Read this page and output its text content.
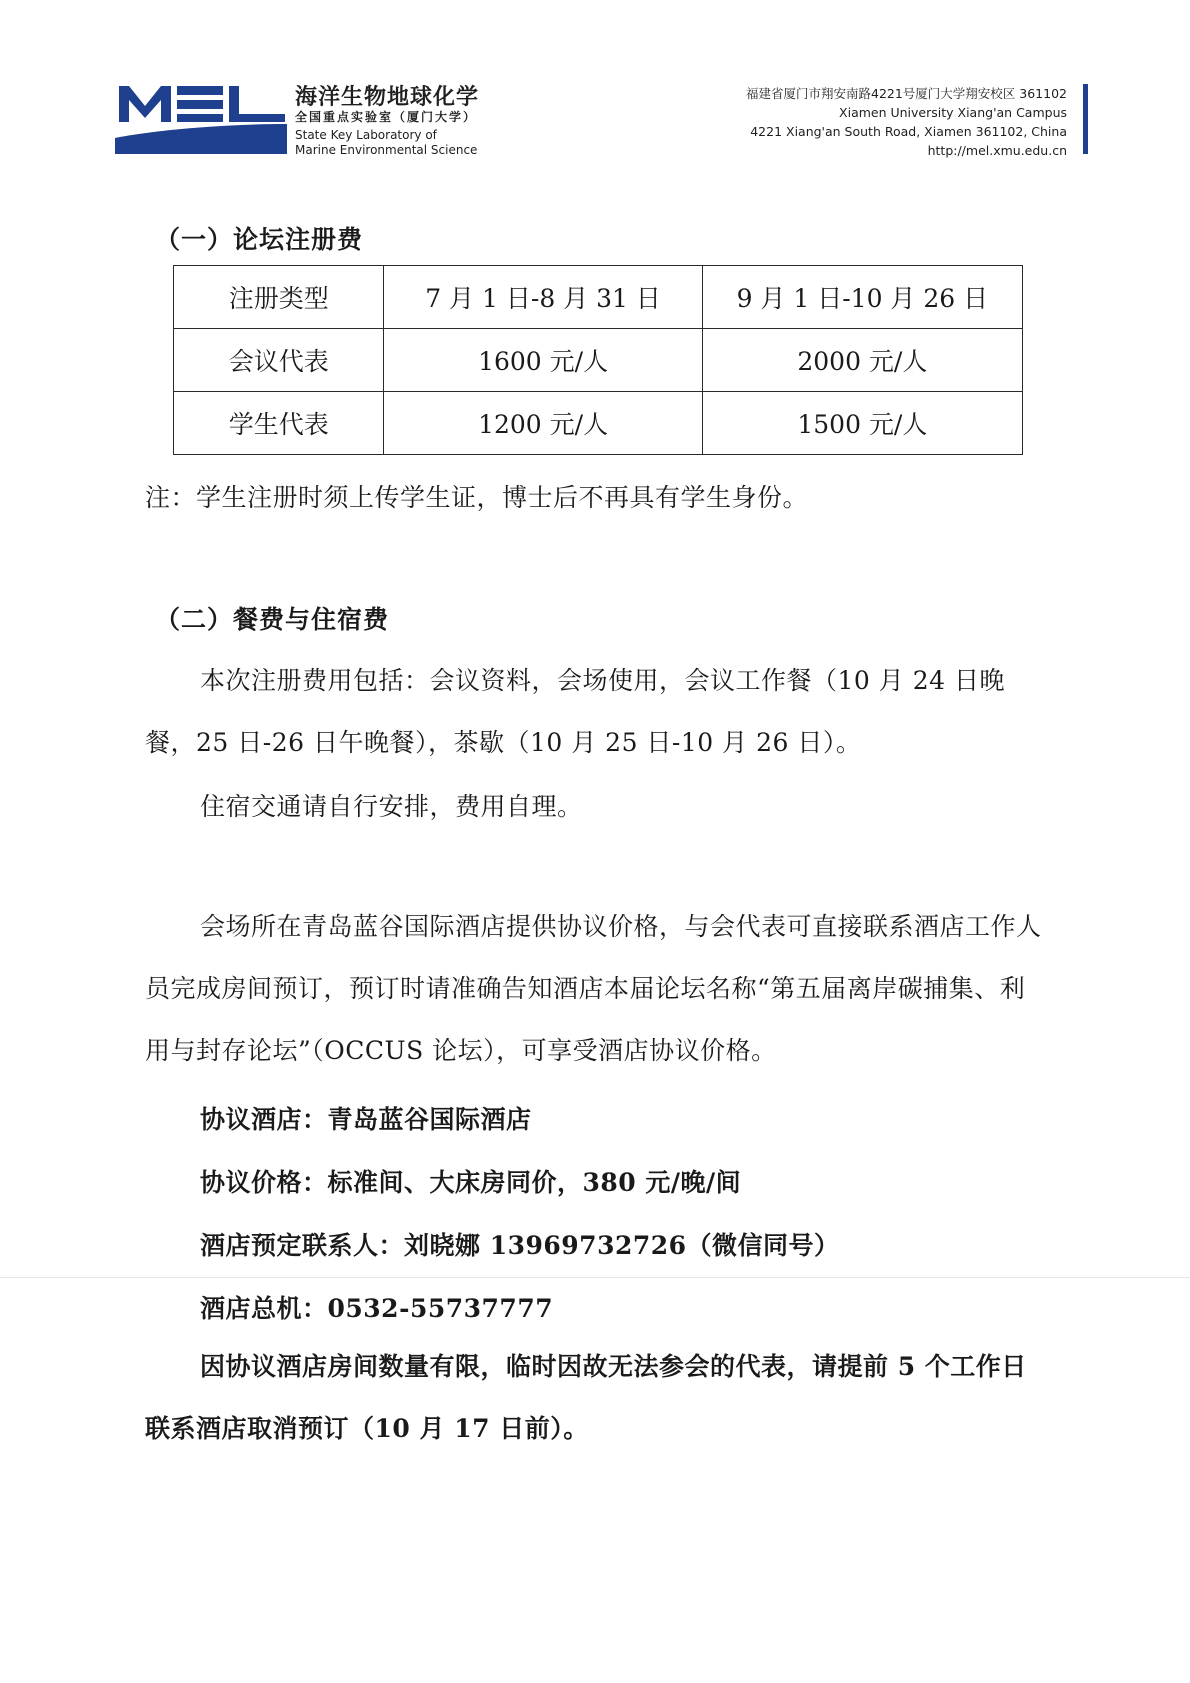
海洋生物地球化学
全国重点实验室（厦门大学）
State Key Laboratory of
Marine Environmental Science
福建省厦门市翔安南路4221号厦门大学翔安校区 361102
Xiamen University Xiang'an Campus
4221 Xiang'an South Road, Xiamen 361102, China
http://mel.xmu.edu.cn
（一）论坛注册费
注册类型	7 月 1 日-8 月 31 日	9 月 1 日-10 月 26 日
会议代表	1600 元/人	2000 元/人
学生代表	1200 元/人	1500 元/人
注：学生注册时须上传学生证，博士后不再具有学生身份。
（二）餐费与住宿费
本次注册费用包括：会议资料，会场使用，会议工作餐（10 月 24 日晚餐，25 日-26 日午晚餐），茶歇（10 月 25 日-10 月 26 日）。
住宿交通请自行安排，费用自理。
会场所在青岛蓝谷国际酒店提供协议价格，与会代表可直接联系酒店工作人员完成房间预订，预订时请准确告知酒店本届论坛名称“第五届离岸碳捕集、利用与封存论坛”（OCCUS 论坛），可享受酒店协议价格。
协议酒店：青岛蓝谷国际酒店
协议价格：标准间、大床房同价，380 元/晚/间
酒店预定联系人：刘晓娜 13969732726（微信同号）
酒店总机：0532-55737777
因协议酒店房间数量有限，临时因故无法参会的代表，请提前 5 个工作日联系酒店取消预订（10 月 17 日前）。
